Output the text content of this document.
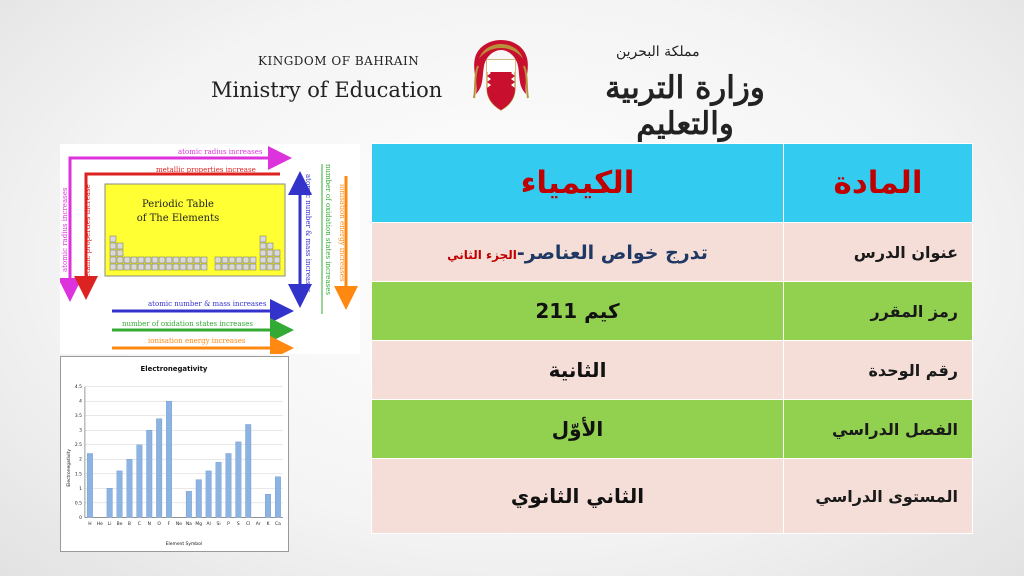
KINGDOM OF BAHRAIN
Ministry of Education
مملكة البحرين
وزارة التربية والتعليم
atomic radius increases
atomic radius increases
metallic properties increase
metallic properties increase	Periodic Table
of The Elements	atomic number & mass increases number of oxidation states increases ionisation energy increases
atomic number & mass increases
number of oxidation states increases
ionisation energy increases
Electronegativity
Electronegativity
Element Symbol
0
0.5
1
1.5
2
2.5
3
3.5
4
4.5
H He Li Be B C N O F Ne Na Mg Al Si P S Cl Ar K Ca
المادة	الكيمياء
عنوان الدرس	تدرج خواص العناصر-الجزء الثاني
رمز المقرر	كيم 211
رقم الوحدة	الثانية
الفصل الدراسي	الأوّل
المستوى الدراسي	الثاني الثانوي
